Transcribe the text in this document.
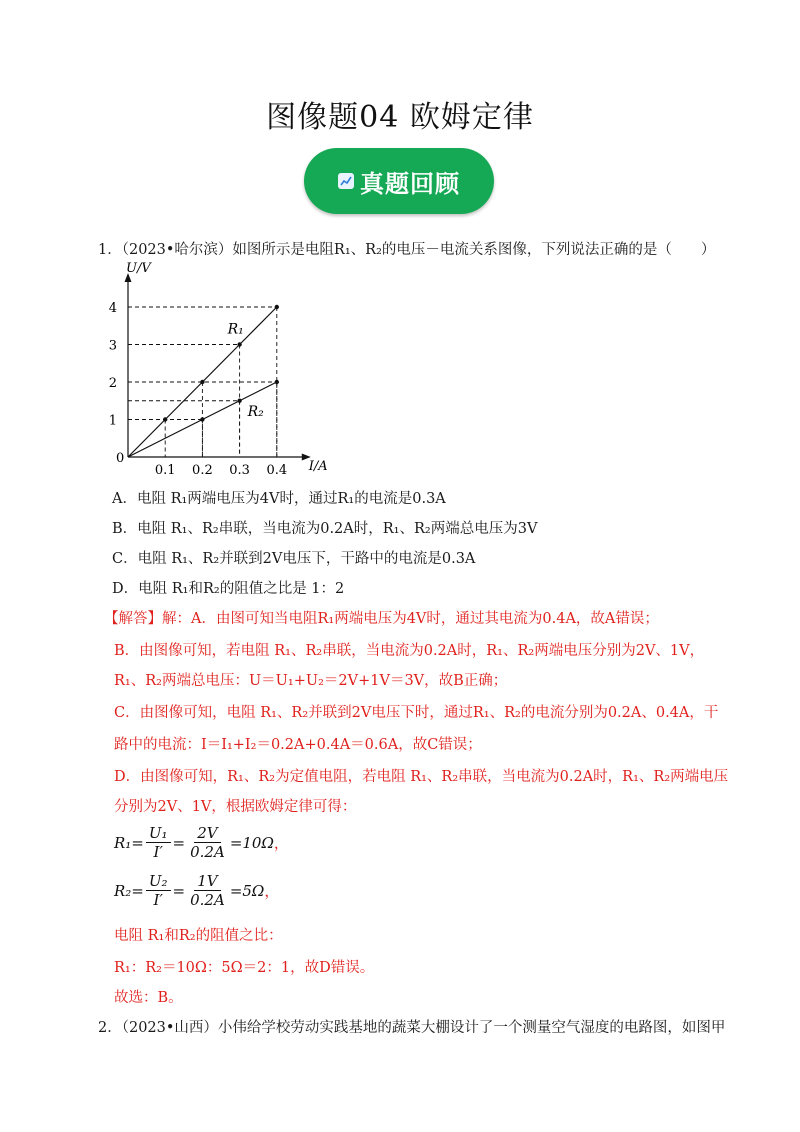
图像题04 欧姆定律
真题回顾
1．（2023•哈尔滨）如图所示是电阻R₁、R₂的电压－电流关系图像，下列说法正确的是（　　）
I/A
U/V
0
0.1 0.2 0.3 0.4
1
2
3
4
R₁
R₂
A．电阻 R₁两端电压为4V时，通过R₁的电流是0.3A
B．电阻 R₁、R₂串联，当电流为0.2A时，R₁、R₂两端总电压为3V
C．电阻 R₁、R₂并联到2V电压下，干路中的电流是0.3A
D．电阻 R₁和R₂的阻值之比是 1：2
【解答】解：A．由图可知当电阻R₁两端电压为4V时，通过其电流为0.4A，故A错误；
B．由图像可知，若电阻 R₁、R₂串联，当电流为0.2A时，R₁、R₂两端电压分别为2V、1V，
R₁、R₂两端总电压：U＝U₁+U₂＝2V+1V＝3V，故B正确；
C．由图像可知，电阻 R₁、R₂并联到2V电压下时，通过R₁、R₂的电流分别为0.2A、0.4A，干
路中的电流：I＝I₁+I₂＝0.2A+0.4A＝0.6A，故C错误；
D．由图像可知，R₁、R₂为定值电阻，若电阻 R₁、R₂串联，当电流为0.2A时，R₁、R₂两端电压
分别为2V、1V，根据欧姆定律可得：
$R_1= \frac{\text{U₁}}{I'} = \frac{2V}{0.2A} =10\Omega$ ，
$R_2= \frac{\text{U₂}}{I'} = \frac{1V}{0.2A} =5\Omega$ ，
电阻 R₁和R₂的阻值之比：
R₁：R₂＝10Ω：5Ω＝2：1，故D错误。
故选：B。
2．（2023•山西）小伟给学校劳动实践基地的蔬菜大棚设计了一个测量空气湿度的电路图，如图甲
